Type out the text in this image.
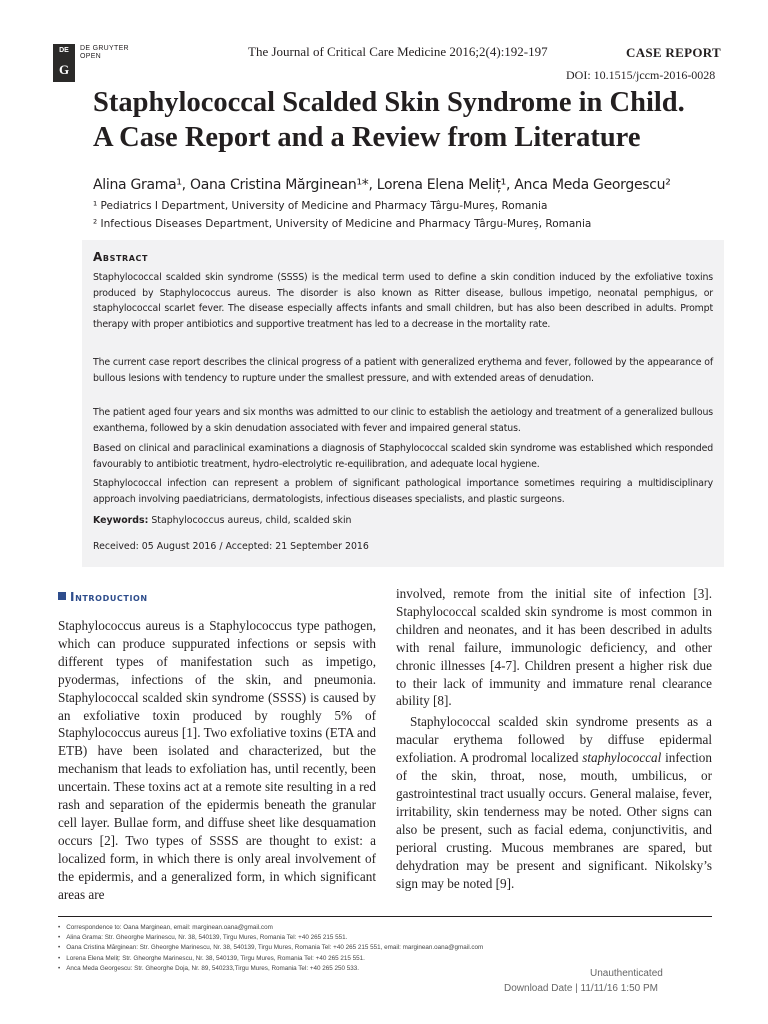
DE
G
DE GRUYTER
OPEN	The Journal of Critical Care Medicine 2016;2(4):192-197	CASE REPORT
DOI: 10.1515/jccm-2016-0028
Staphylococcal Scalded Skin Syndrome in Child.
A Case Report and a Review from Literature
Alina Grama¹, Oana Cristina Mărginean¹*, Lorena Elena Meliț¹, Anca Meda Georgescu²
¹ Pediatrics I Department, University of Medicine and Pharmacy Târgu-Mureș, Romania
² Infectious Diseases Department, University of Medicine and Pharmacy Târgu-Mureș, Romania
Abstract
Staphylococcal scalded skin syndrome (SSSS) is the medical term used to define a skin condition induced by the exfoliative toxins produced by Staphylococcus aureus. The disorder is also known as Ritter disease, bullous impetigo, neonatal pemphigus, or staphylococcal scarlet fever. The disease especially affects infants and small children, but has also been described in adults. Prompt therapy with proper antibiotics and supportive treatment has led to a decrease in the mortality rate.
The current case report describes the clinical progress of a patient with generalized erythema and fever, followed by the appearance of bullous lesions with tendency to rupture under the smallest pressure, and with extended areas of denudation.
The patient aged four years and six months was admitted to our clinic to establish the aetiology and treatment of a generalized bullous exanthema, followed by a skin denudation associated with fever and impaired general status.
Based on clinical and paraclinical examinations a diagnosis of Staphylococcal scalded skin syndrome was established which responded favourably to antibiotic treatment, hydro-electrolytic re-equilibration, and adequate local hygiene.
Staphylococcal infection can represent a problem of significant pathological importance sometimes requiring a multidisciplinary approach involving paediatricians, dermatologists, infectious diseases specialists, and plastic surgeons.
Keywords: Staphylococcus aureus, child, scalded skin
Received: 05 August 2016 / Accepted: 21 September 2016
Introduction

Staphylococcus aureus is a Staphylococcus type pathogen, which can produce suppurated infections or sepsis with different types of manifestation such as impetigo, pyodermas, infections of the skin, and pneumonia. Staphylococcal scalded skin syndrome (SSSS) is caused by an exfoliative toxin produced by roughly 5% of Staphylococcus aureus [1]. Two exfoliative toxins (ETA and ETB) have been isolated and characterized, but the mechanism that leads to exfoliation has, until recently, been uncertain. These toxins act at a remote site resulting in a red rash and separation of the epidermis beneath the granular cell layer. Bullae form, and diffuse sheet like desquamation occurs [2]. Two types of SSSS are thought to exist: a localized form, in which there is only areal involvement of the epidermis, and a generalized form, in which significant areas are

involved, remote from the initial site of infection [3]. Staphylococcal scalded skin syndrome is most common in children and neonates, and it has been described in adults with renal failure, immunologic deficiency, and other chronic illnesses [4-7]. Children present a higher risk due to their lack of immunity and immature renal clearance ability [8].

Staphylococcal scalded skin syndrome presents as a macular erythema followed by diffuse epidermal exfoliation. A prodromal localized staphylococcal infection of the skin, throat, nose, mouth, umbilicus, or gastrointestinal tract usually occurs. General malaise, fever, irritability, skin tenderness may be noted. Other signs can also be present, such as facial edema, conjunctivitis, and perioral crusting. Mucous membranes are spared, but dehydration may be present and significant. Nikolsky’s sign may be noted [9].

• Correspondence to: Oana Marginean, email: marginean.oana@gmail.com
• Alina Grama: Str. Gheorghe Marinescu, Nr. 38, 540139, Tirgu Mures, Romania Tel: +40 265 215 551.
• Oana Cristina Mărginean: Str. Gheorghe Marinescu, Nr. 38, 540139, Tirgu Mures, Romania Tel: +40 265 215 551, email: marginean.oana@gmail.com
• Lorena Elena Meliț: Str. Gheorghe Marinescu, Nr. 38, 540139, Tirgu Mures, Romania Tel: +40 265 215 551.
• Anca Meda Georgescu: Str. Gheorghe Doja, Nr. 89, 540233,Tirgu Mures, Romania Tel: +40 265 250 533.	Unauthenticated
Download Date | 11/11/16 1:50 PM
